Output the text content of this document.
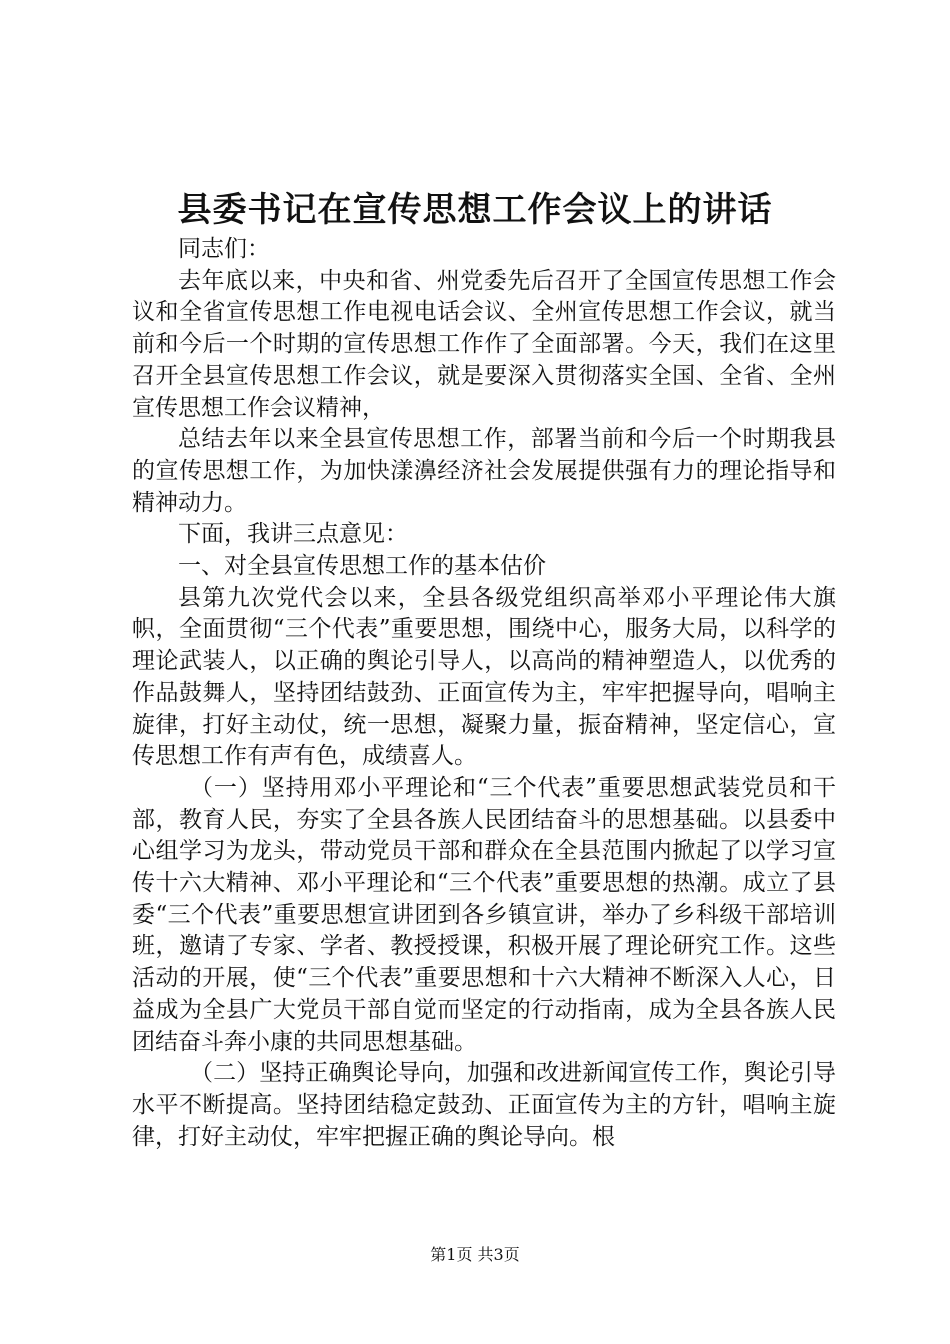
县委书记在宣传思想工作会议上的讲话

同志们：

去年底以来，中央和省、州党委先后召开了全国宣传思想工作会议和全省宣传思想工作电视电话会议、全州宣传思想工作会议，就当前和今后一个时期的宣传思想工作作了全面部署。今天，我们在这里召开全县宣传思想工作会议，就是要深入贯彻落实全国、全省、全州宣传思想工作会议精神，

总结去年以来全县宣传思想工作，部署当前和今后一个时期我县的宣传思想工作，为加快漾濞经济社会发展提供强有力的理论指导和精神动力。

下面，我讲三点意见：

一、对全县宣传思想工作的基本估价

县第九次党代会以来，全县各级党组织高举邓小平理论伟大旗帜，全面贯彻“三个代表”重要思想，围绕中心，服务大局，以科学的理论武装人，以正确的舆论引导人，以高尚的精神塑造人，以优秀的作品鼓舞人，坚持团结鼓劲、正面宣传为主，牢牢把握导向，唱响主旋律，打好主动仗，统一思想，凝聚力量，振奋精神，坚定信心，宣传思想工作有声有色，成绩喜人。

（一）坚持用邓小平理论和“三个代表”重要思想武装党员和干部，教育人民，夯实了全县各族人民团结奋斗的思想基础。以县委中心组学习为龙头，带动党员干部和群众在全县范围内掀起了以学习宣传十六大精神、邓小平理论和“三个代表”重要思想的热潮。成立了县委“三个代表”重要思想宣讲团到各乡镇宣讲，举办了乡科级干部培训班，邀请了专家、学者、教授授课，积极开展了理论研究工作。这些活动的开展，使“三个代表”重要思想和十六大精神不断深入人心，日益成为全县广大党员干部自觉而坚定的行动指南，成为全县各族人民团结奋斗奔小康的共同思想基础。

（二）坚持正确舆论导向，加强和改进新闻宣传工作，舆论引导水平不断提高。坚持团结稳定鼓劲、正面宣传为主的方针，唱响主旋律，打好主动仗，牢牢把握正确的舆论导向。根

第1页 共3页
